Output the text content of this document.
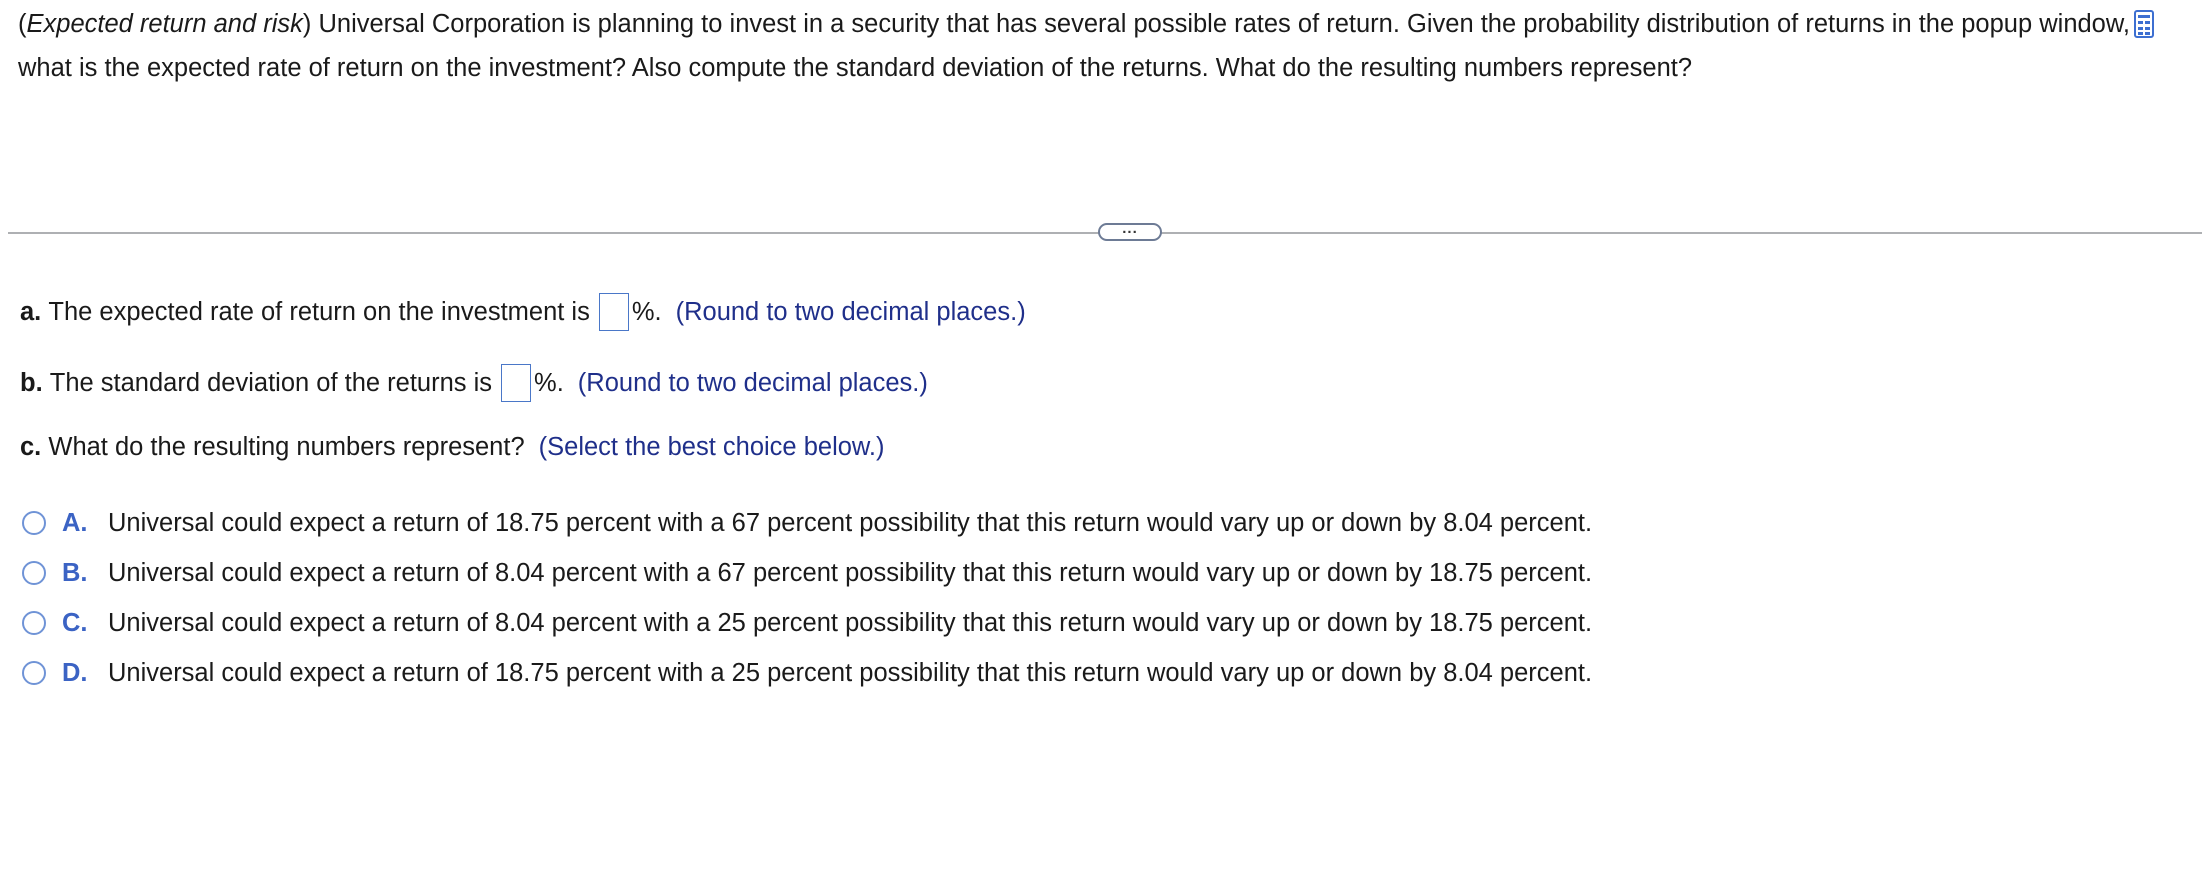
(Expected return and risk) Universal Corporation is planning to invest in a security that has several possible rates of return. Given the probability distribution of returns in the popup window,
what is the expected rate of return on the investment? Also compute the standard deviation of the returns. What do the resulting numbers represent?

...
a.
The expected rate of return on the investment is %. (Round to two decimal places.)
b.
The standard deviation of the returns is %. (Round to two decimal places.)
c.
What do the resulting numbers represent? (Select the best choice below.)
A. Universal could expect a return of 18.75 percent with a 67 percent possibility that this return would vary up or down by 8.04 percent.
B. Universal could expect a return of 8.04 percent with a 67 percent possibility that this return would vary up or down by 18.75 percent.
C. Universal could expect a return of 8.04 percent with a 25 percent possibility that this return would vary up or down by 18.75 percent.
D. Universal could expect a return of 18.75 percent with a 25 percent possibility that this return would vary up or down by 8.04 percent.
